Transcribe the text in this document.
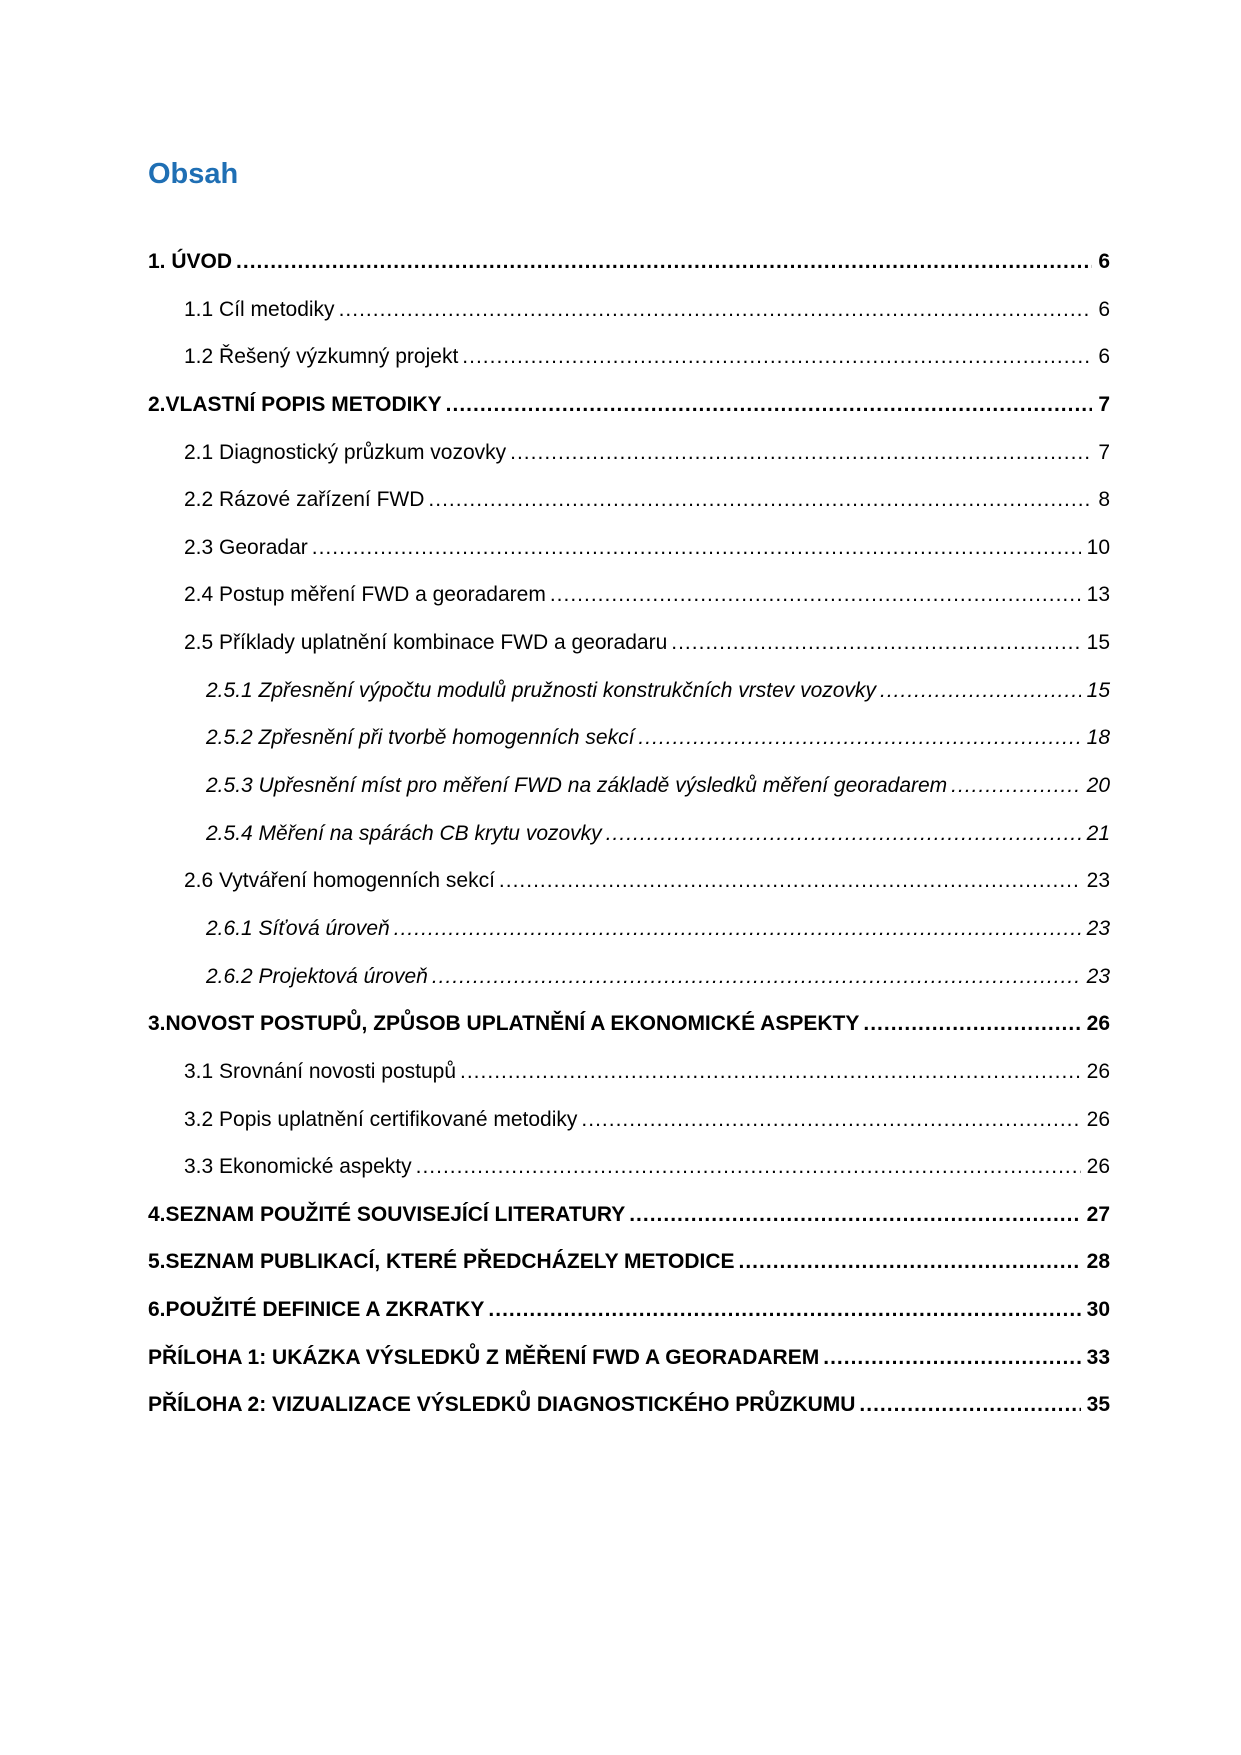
Obsah
1. ÚVOD .....	6
1.1 Cíl metodiky .....	6
1.2 Řešený výzkumný projekt .....	6
2.VLASTNÍ POPIS METODIKY .....	7
2.1 Diagnostický průzkum vozovky .....	7
2.2 Rázové zařízení FWD .....	8
2.3 Georadar .....	10
2.4 Postup měření FWD a georadarem .....	13
2.5 Příklady uplatnění kombinace FWD a georadaru .....	15
2.5.1 Zpřesnění výpočtu modulů pružnosti konstrukčních vrstev vozovky .....	15
2.5.2 Zpřesnění při tvorbě homogenních sekcí .....	18
2.5.3 Upřesnění míst pro měření FWD na základě výsledků měření georadarem .....	20
2.5.4 Měření na spárách CB krytu vozovky .....	21
2.6 Vytváření homogenních sekcí .....	23
2.6.1 Síťová úroveň .....	23
2.6.2 Projektová úroveň .....	23
3.NOVOST POSTUPŮ, ZPŮSOB UPLATNĚNÍ A EKONOMICKÉ ASPEKTY .....	26
3.1 Srovnání novosti postupů .....	26
3.2 Popis uplatnění certifikované metodiky .....	26
3.3 Ekonomické aspekty .....	26
4.SEZNAM POUŽITÉ SOUVISEJÍCÍ LITERATURY .....	27
5.SEZNAM PUBLIKACÍ, KTERÉ PŘEDCHÁZELY METODICE .....	28
6.POUŽITÉ DEFINICE A ZKRATKY .....	30
PŘÍLOHA 1: UKÁZKA VÝSLEDKŮ Z MĚŘENÍ FWD A GEORADAREM .....	33
PŘÍLOHA 2: VIZUALIZACE VÝSLEDKŮ DIAGNOSTICKÉHO PRŮZKUMU .....	35
